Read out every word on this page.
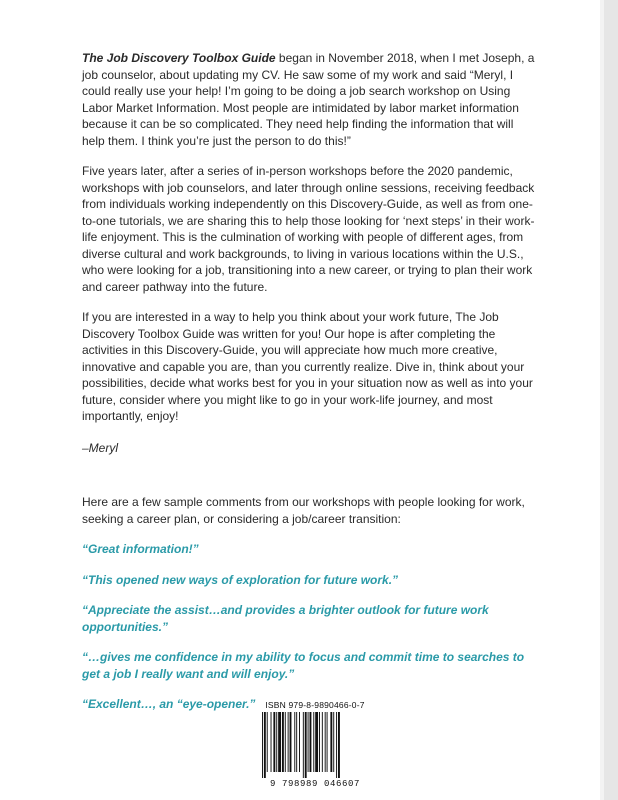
The Job Discovery Toolbox Guide began in November 2018, when I met Joseph, a job counselor, about updating my CV. He saw some of my work and said “Meryl, I could really use your help! I’m going to be doing a job search workshop on Using Labor Market Information. Most people are intimidated by labor market information because it can be so complicated. They need help finding the information that will help them. I think you’re just the person to do this!”

Five years later, after a series of in-person workshops before the 2020 pandemic, workshops with job counselors, and later through online sessions, receiving feedback from individuals working independently on this Discovery-Guide, as well as from one-to-one tutorials, we are sharing this to help those looking for ‘next steps’ in their work-life enjoyment. This is the culmination of working with people of different ages, from diverse cultural and work backgrounds, to living in various locations within the U.S., who were looking for a job, transitioning into a new career, or trying to plan their work and career pathway into the future.

If you are interested in a way to help you think about your work future, The Job Discovery Toolbox Guide was written for you! Our hope is after completing the activities in this Discovery-Guide, you will appreciate how much more creative, innovative and capable you are, than you currently realize. Dive in, think about your possibilities, decide what works best for you in your situation now as well as into your future, consider where you might like to go in your work-life journey, and most importantly, enjoy!

–Meryl

Here are a few sample comments from our workshops with people looking for work, seeking a career plan, or considering a job/career transition:

“Great information!”

“This opened new ways of exploration for future work.”

“Appreciate the assist…and provides a brighter outlook for future work opportunities.”

“…gives me confidence in my ability to focus and commit time to searches to get a job I really want and will enjoy.”

“Excellent…, an “eye-opener.”	ISBN 979-8-9890466-0-7
9 798989 046607
